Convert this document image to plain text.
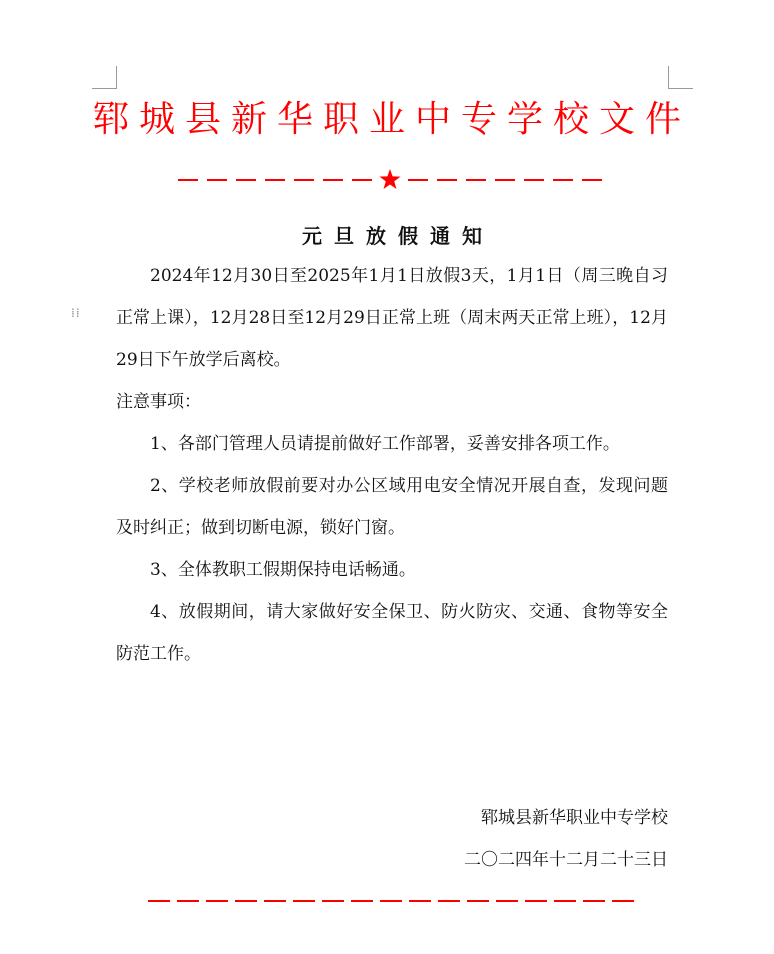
⁞⁞
郓城县新华职业中专学校文件
元旦放假通知
2024年12月30日至2025年1月1日放假3天，1月1日（周三晚自习正常上课），12月28日至12月29日正常上班（周末两天正常上班），12月29日下午放学后离校。
注意事项：
1、各部门管理人员请提前做好工作部署，妥善安排各项工作。
2、学校老师放假前要对办公区域用电安全情况开展自查，发现问题及时纠正；做到切断电源，锁好门窗。
3、全体教职工假期保持电话畅通。
4、放假期间，请大家做好安全保卫、防火防灾、交通、食物等安全防范工作。
郓城县新华职业中专学校
二〇二四年十二月二十三日
